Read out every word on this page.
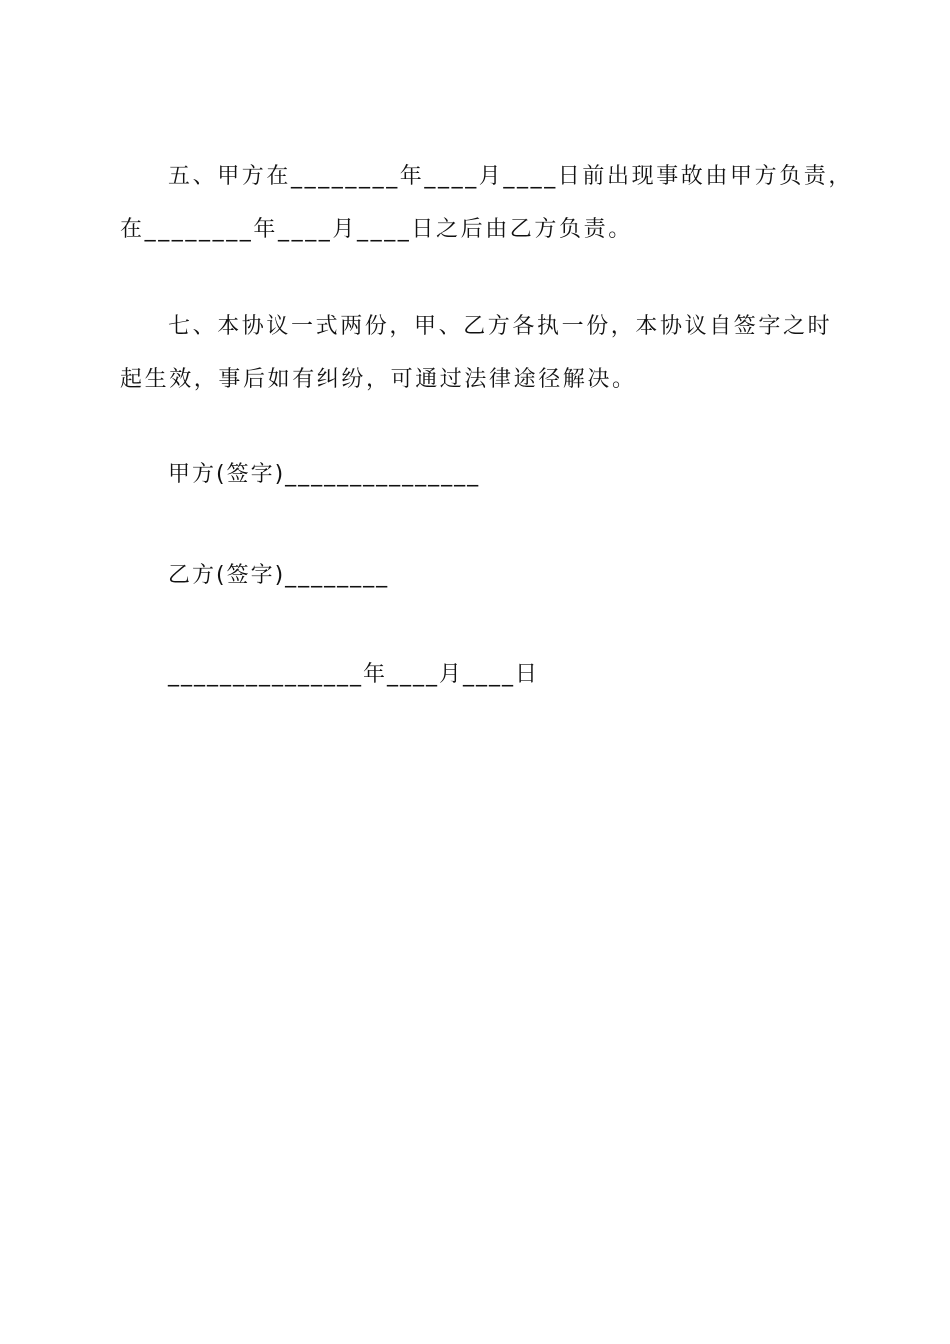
五、甲方在________年____月____日前出现事故由甲方负责，
在________年____月____日之后由乙方负责。
七、本协议一式两份，甲、乙方各执一份，本协议自签字之时
起生效，事后如有纠纷，可通过法律途径解决。
甲方(签字)_______________
乙方(签字)________
_______________年____月____日
